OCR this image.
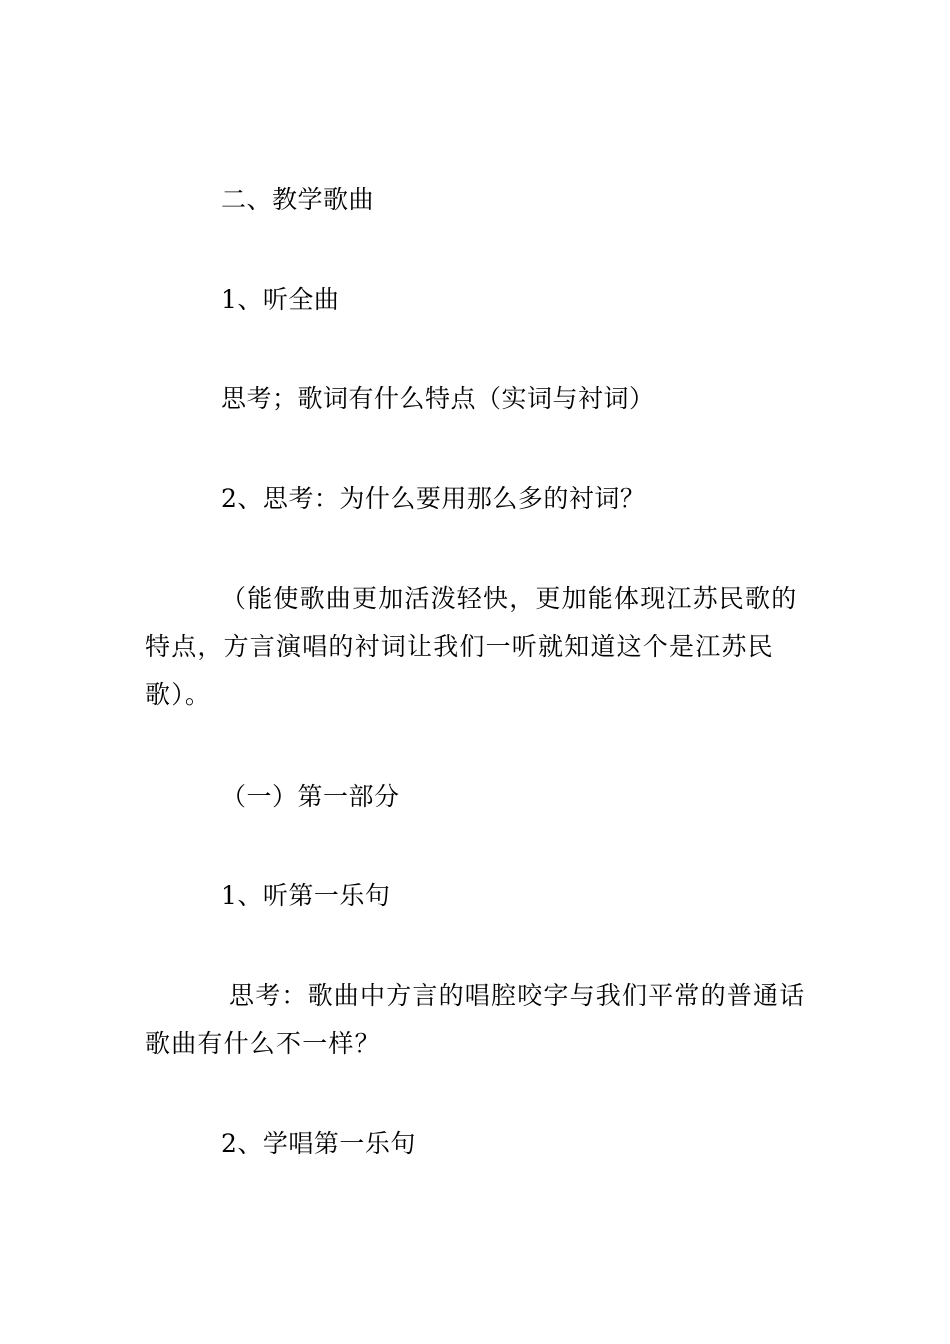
二、教学歌曲

1、听全曲

思考；歌词有什么特点（实词与衬词）

2、思考：为什么要用那么多的衬词？

（能使歌曲更加活泼轻快，更加能体现江苏民歌的特点，方言演唱的衬词让我们一听就知道这个是江苏民歌）。

（一）第一部分

1、听第一乐句

思考：歌曲中方言的唱腔咬字与我们平常的普通话歌曲有什么不一样？

2、学唱第一乐句
